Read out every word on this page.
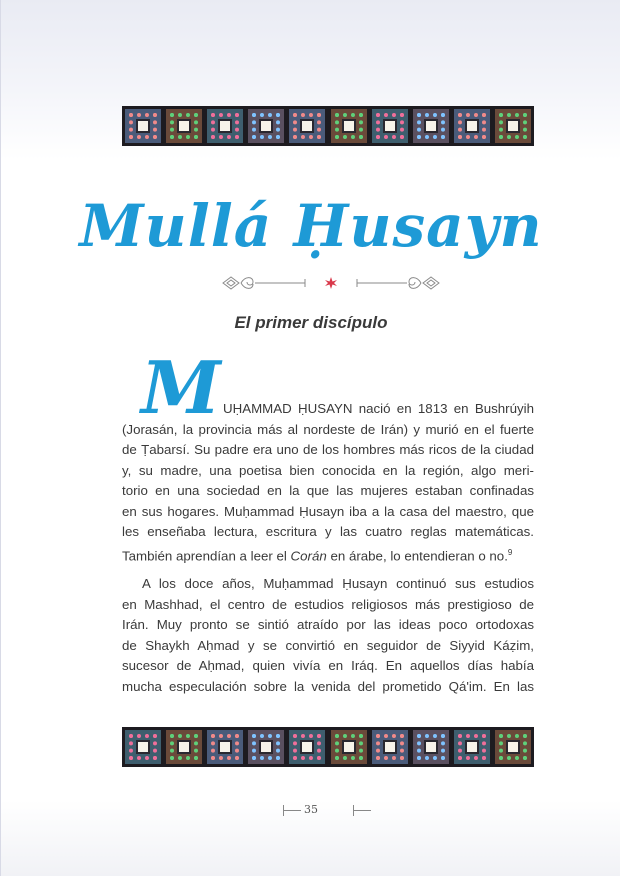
Mullá Ḥusayn
El primer discípulo
M UḤAMMAD ḤUSAYN nació en 1813 en Bushrúyih
(Jorasán, la provincia más al nordeste de Irán) y murió en el fuerte
de Ṭabarsí. Su padre era uno de los hombres más ricos de la ciudad
y, su madre, una poetisa bien conocida en la región, algo meri-
torio en una sociedad en la que las mujeres estaban confinadas
en sus hogares. Muḥammad Ḥusayn iba a la casa del maestro, que
les enseñaba lectura, escritura y las cuatro reglas matemáticas.
También aprendían a leer el Corán en árabe, lo entendieran o no.$^9$
A los doce años, Muḥammad Ḥusayn continuó sus estudios
en Mashhad, el centro de estudios religiosos más prestigioso de
Irán. Muy pronto se sintió atraído por las ideas poco ortodoxas
de Shaykh Aḥmad y se convirtió en seguidor de Siyyid Káẓim,
sucesor de Aḥmad, quien vivía en Iráq. En aquellos días había
mucha especulación sobre la venida del prometido Qá'im. En las
35
